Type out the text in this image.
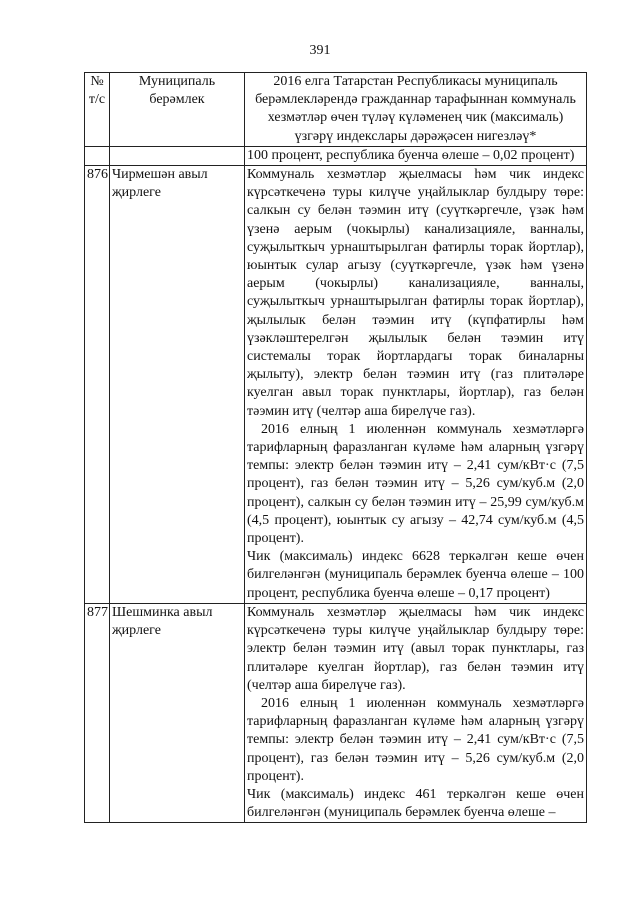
391
№ т/с	Муниципаль берәмлек	2016 елга Татарстан Республикасы муниципаль берәмлекләрендә гражданнар тарафыннан коммуналь хезмәтләр өчен түләү күләменең чик (максималь) үзгәрү индекслары дәрәҗәсен нигезләү*

		100 процент, республика буенча өлеше – 0,02 процент)

876	Чирмешән авыл җирлеге	Коммуналь хезмәтләр җыелмасы һәм чик индекс күрсәткеченә туры килүче уңайлыклар булдыру төре: салкын су белән тәэмин итү (суүткәргечле, үзәк һәм үзенә аерым (чокырлы) канализацияле, ванналы, суҗылыткыч урнаштырылган фатирлы торак йортлар), юынтык сулар агызу (суүткәргечле, үзәк һәм үзенә аерым (чокырлы) канализацияле, ванналы, суҗылыткыч урнаштырылган фатирлы торак йортлар), җылылык белән тәэмин итү (күпфатирлы һәм үзәкләштерелгән җылылык белән тәэмин итү системалы торак йортлардагы торак биналарны җылыту), электр белән тәэмин итү (газ плитәләре куелган авыл торак пунктлары, йортлар), газ белән тәэмин итү (челтәр аша бирелүче газ).

2016 елның 1 июленнән коммуналь хезмәтләргә тарифларның фаразланган күләме һәм аларның үзгәрү темпы: электр белән тәэмин итү – 2,41 сум/кВт·с (7,5 процент), газ белән тәэмин итү – 5,26 сум/куб.м (2,0 процент), салкын су белән тәэмин итү – 25,99 сум/куб.м (4,5 процент), юынтык су агызу – 42,74 сум/куб.м (4,5 процент).

Чик (максималь) индекс 6628 теркәлгән кеше өчен билгеләнгән (муниципаль берәмлек буенча өлеше – 100 процент, республика буенча өлеше – 0,17 процент)

877	Шешминка авыл җирлеге	Коммуналь хезмәтләр җыелмасы һәм чик индекс күрсәткеченә туры килүче уңайлыклар булдыру төре: электр белән тәэмин итү (авыл торак пунктлары, газ плитәләре куелган йортлар), газ белән тәэмин итү (челтәр аша бирелүче газ).

2016 елның 1 июленнән коммуналь хезмәтләргә тарифларның фаразланган күләме һәм аларның үзгәрү темпы: электр белән тәэмин итү – 2,41 сум/кВт·с (7,5 процент), газ белән тәэмин итү – 5,26 сум/куб.м (2,0 процент).

Чик (максималь) индекс 461 теркәлгән кеше өчен билгеләнгән (муниципаль берәмлек буенча өлеше –
